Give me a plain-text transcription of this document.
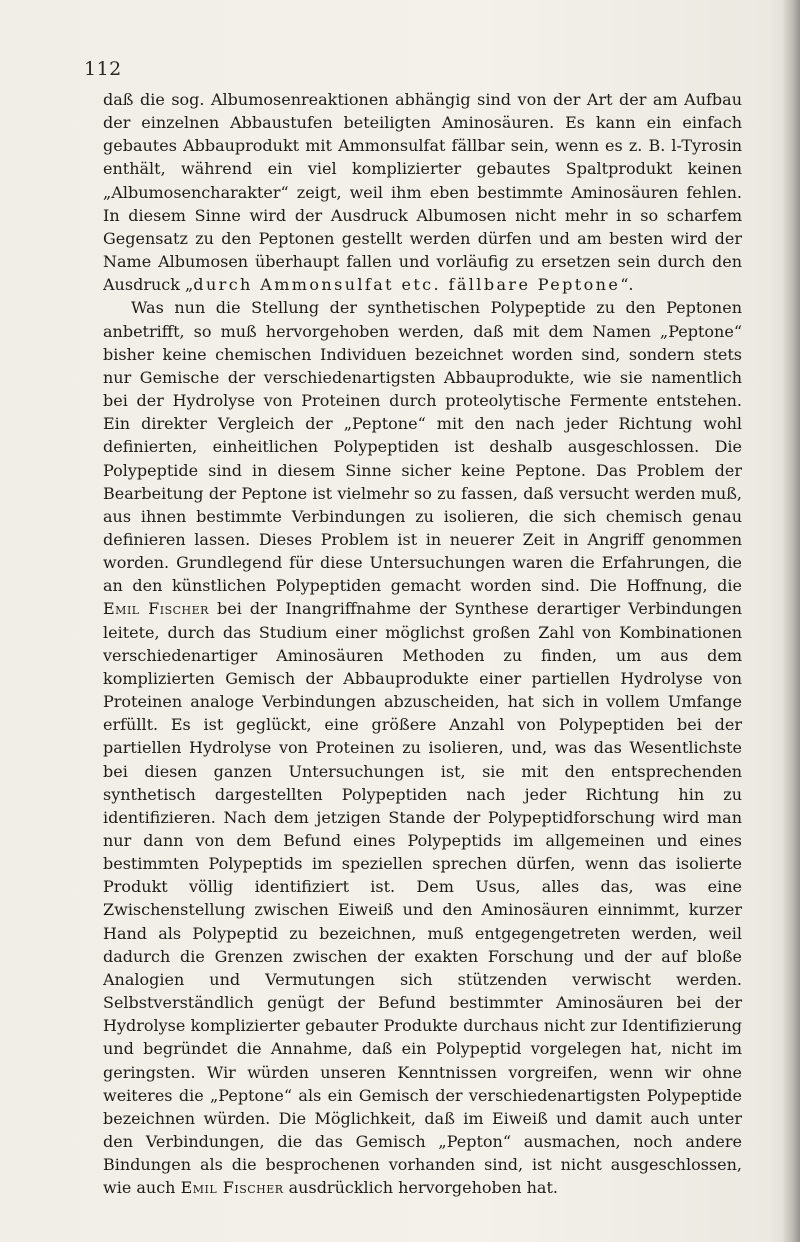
112

daß die sog. Albumosenreaktionen abhängig sind von der Art der am Aufbau der einzelnen Abbaustufen beteiligten Aminosäuren. Es kann ein einfach gebautes Abbauprodukt mit Ammonsulfat fällbar sein, wenn es z. B. l-Tyrosin enthält, während ein viel komplizierter gebautes Spaltprodukt keinen „Albumosencharakter“ zeigt, weil ihm eben bestimmte Aminosäuren fehlen. In diesem Sinne wird der Ausdruck Albumosen nicht mehr in so scharfem Gegensatz zu den Peptonen gestellt werden dürfen und am besten wird der Name Albumosen überhaupt fallen und vorläufig zu ersetzen sein durch den Ausdruck „durch Ammonsulfat etc. fällbare Peptone“.

Was nun die Stellung der synthetischen Polypeptide zu den Peptonen anbetrifft, so muß hervorgehoben werden, daß mit dem Namen „Peptone“ bisher keine chemischen Individuen bezeichnet worden sind, sondern stets nur Gemische der verschiedenartigsten Abbauprodukte, wie sie namentlich bei der Hydrolyse von Proteinen durch proteolytische Fermente entstehen. Ein direkter Vergleich der „Peptone“ mit den nach jeder Richtung wohl definierten, einheitlichen Polypeptiden ist deshalb ausgeschlossen. Die Polypeptide sind in diesem Sinne sicher keine Peptone. Das Problem der Bearbeitung der Peptone ist vielmehr so zu fassen, daß versucht werden muß, aus ihnen bestimmte Verbindungen zu isolieren, die sich chemisch genau definieren lassen. Dieses Problem ist in neuerer Zeit in Angriff genommen worden. Grundlegend für diese Untersuchungen waren die Erfahrungen, die an den künstlichen Polypeptiden gemacht worden sind. Die Hoffnung, die Emil Fischer bei der Inangriffnahme der Synthese derartiger Verbindungen leitete, durch das Studium einer möglichst großen Zahl von Kombinationen verschiedenartiger Aminosäuren Methoden zu finden, um aus dem komplizierten Gemisch der Abbauprodukte einer partiellen Hydrolyse von Proteinen analoge Verbindungen abzuscheiden, hat sich in vollem Umfange erfüllt. Es ist geglückt, eine größere Anzahl von Polypeptiden bei der partiellen Hydrolyse von Proteinen zu isolieren, und, was das Wesentlichste bei diesen ganzen Untersuchungen ist, sie mit den entsprechenden synthetisch dargestellten Polypeptiden nach jeder Richtung hin zu identifizieren. Nach dem jetzigen Stande der Polypeptidforschung wird man nur dann von dem Befund eines Polypeptids im allgemeinen und eines bestimmten Polypeptids im speziellen sprechen dürfen, wenn das isolierte Produkt völlig identifiziert ist. Dem Usus, alles das, was eine Zwischenstellung zwischen Eiweiß und den Aminosäuren einnimmt, kurzer Hand als Polypeptid zu bezeichnen, muß entgegengetreten werden, weil dadurch die Grenzen zwischen der exakten Forschung und der auf bloße Analogien und Vermutungen sich stützenden verwischt werden. Selbstverständlich genügt der Befund bestimmter Aminosäuren bei der Hydrolyse komplizierter gebauter Produkte durchaus nicht zur Identifizierung und begründet die Annahme, daß ein Polypeptid vorgelegen hat, nicht im geringsten. Wir würden unseren Kenntnissen vorgreifen, wenn wir ohne weiteres die „Peptone“ als ein Gemisch der verschiedenartigsten Polypeptide bezeichnen würden. Die Möglichkeit, daß im Eiweiß und damit auch unter den Verbindungen, die das Gemisch „Pepton“ ausmachen, noch andere Bindungen als die besprochenen vorhanden sind, ist nicht ausgeschlossen, wie auch Emil Fischer ausdrücklich hervorgehoben hat.
